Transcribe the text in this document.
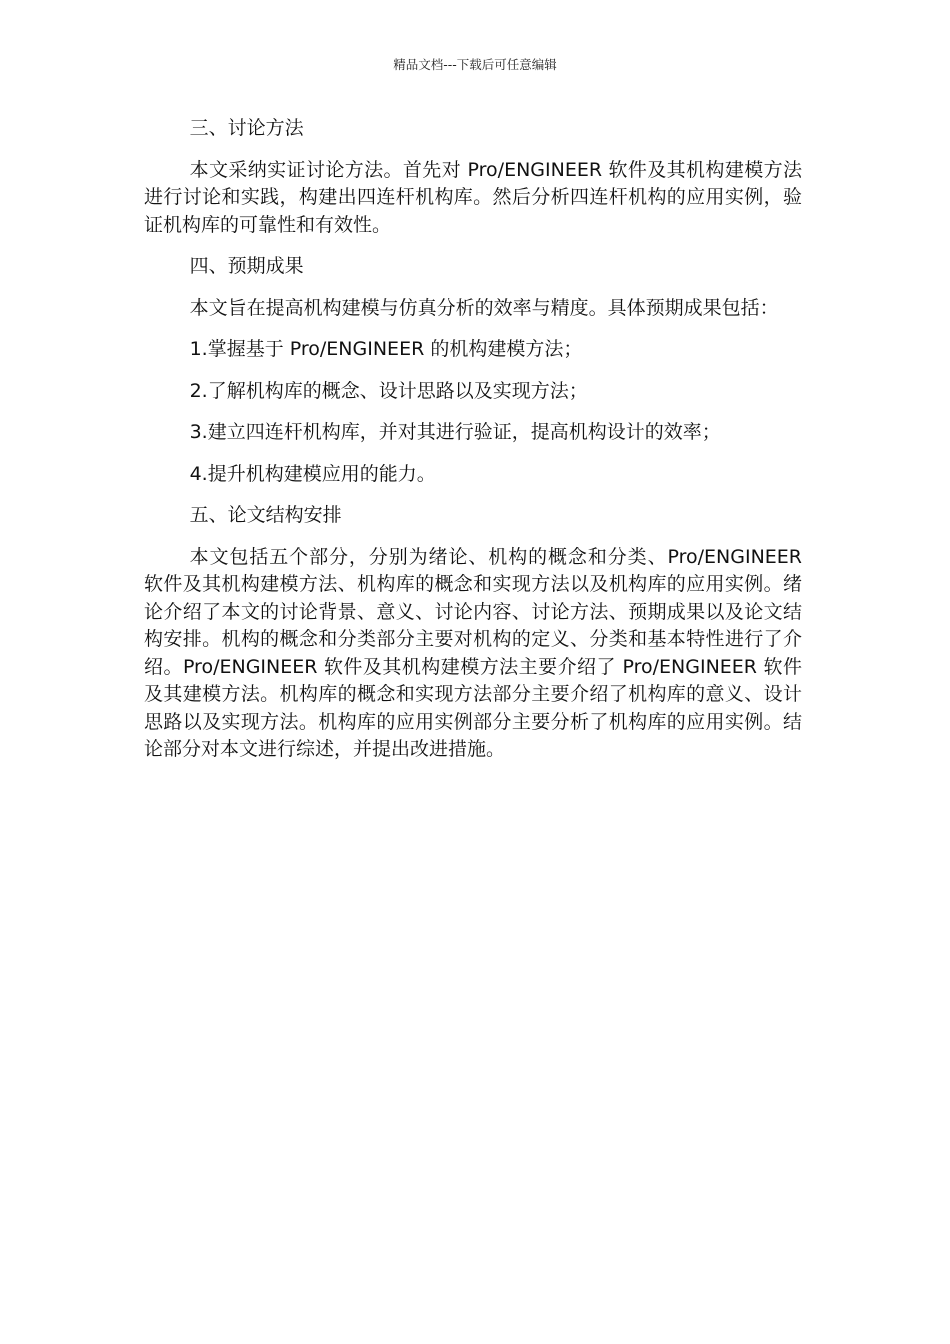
精品文档---下载后可任意编辑

三、讨论方法

本文采纳实证讨论方法。首先对 Pro/ENGINEER 软件及其机构建模方法进行讨论和实践，构建出四连杆机构库。然后分析四连杆机构的应用实例，验证机构库的可靠性和有效性。

四、预期成果

本文旨在提高机构建模与仿真分析的效率与精度。具体预期成果包括：

1.掌握基于 Pro/ENGINEER 的机构建模方法；

2.了解机构库的概念、设计思路以及实现方法；

3.建立四连杆机构库，并对其进行验证，提高机构设计的效率；

4.提升机构建模应用的能力。

五、论文结构安排

本文包括五个部分，分别为绪论、机构的概念和分类、Pro/ENGINEER 软件及其机构建模方法、机构库的概念和实现方法以及机构库的应用实例。绪论介绍了本文的讨论背景、意义、讨论内容、讨论方法、预期成果以及论文结构安排。机构的概念和分类部分主要对机构的定义、分类和基本特性进行了介绍。Pro/ENGINEER 软件及其机构建模方法主要介绍了 Pro/ENGINEER 软件及其建模方法。机构库的概念和实现方法部分主要介绍了机构库的意义、设计思路以及实现方法。机构库的应用实例部分主要分析了机构库的应用实例。结论部分对本文进行综述，并提出改进措施。
